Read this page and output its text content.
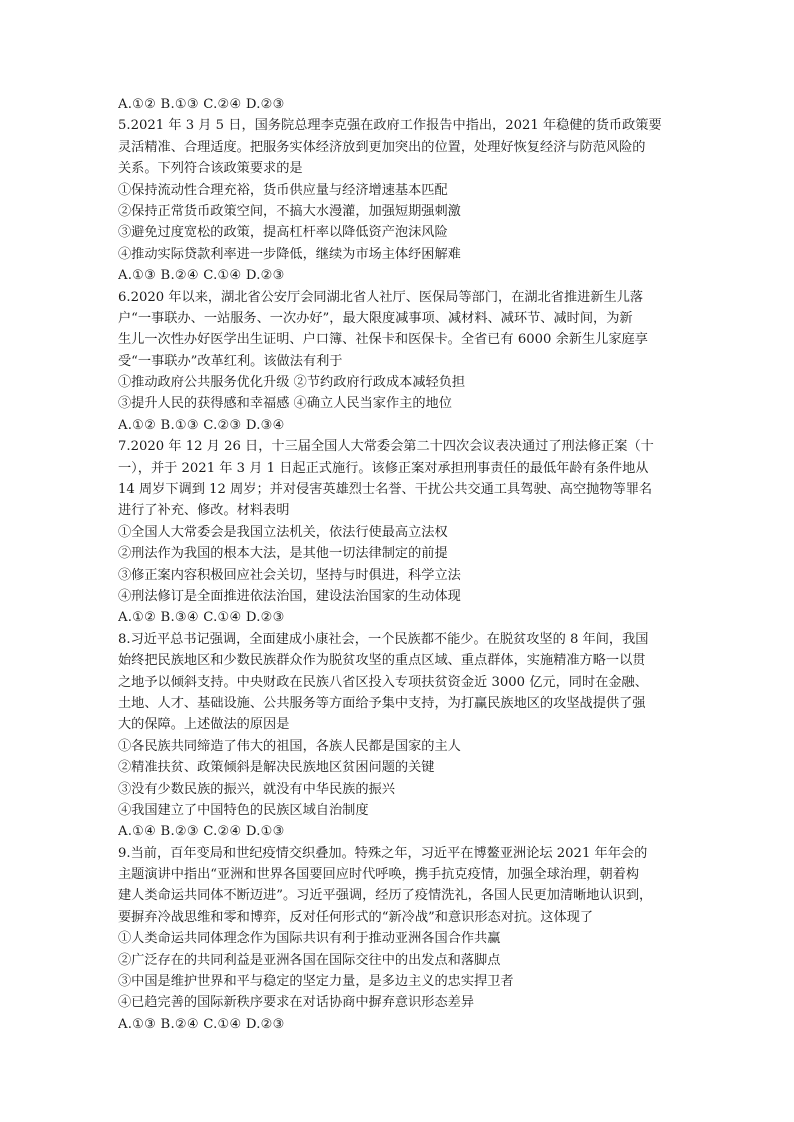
A.①② B.①③ C.②④ D.②③
5.2021 年 3 月 5 日，国务院总理李克强在政府工作报告中指出，2021 年稳健的货币政策要
灵活精准、合理适度。把服务实体经济放到更加突出的位置，处理好恢复经济与防范风险的
关系。下列符合该政策要求的是
①保持流动性合理充裕，货币供应量与经济增速基本匹配
②保持正常货币政策空间，不搞大水漫灌，加强短期强刺激
③避免过度宽松的政策，提高杠杆率以降低资产泡沫风险
④推动实际贷款利率进一步降低，继续为市场主体纾困解难
A.①③ B.②④ C.①④ D.②③
6.2020 年以来，湖北省公安厅会同湖北省人社厅、医保局等部门，在湖北省推进新生儿落
户“一事联办、一站服务、一次办好”，最大限度减事项、减材料、减环节、减时间，为新
生儿一次性办好医学出生证明、户口簿、社保卡和医保卡。全省已有 6000 余新生儿家庭享
受“一事联办”改革红利。该做法有利于
①推动政府公共服务优化升级 ②节约政府行政成本减轻负担
③提升人民的获得感和幸福感 ④确立人民当家作主的地位
A.①② B.①③ C.②③ D.③④
7.2020 年 12 月 26 日，十三届全国人大常委会第二十四次会议表决通过了刑法修正案（十
一），并于 2021 年 3 月 1 日起正式施行。该修正案对承担刑事责任的最低年龄有条件地从
14 周岁下调到 12 周岁；并对侵害英雄烈士名誉、干扰公共交通工具驾驶、高空抛物等罪名
进行了补充、修改。材料表明
①全国人大常委会是我国立法机关，依法行使最高立法权
②刑法作为我国的根本大法，是其他一切法律制定的前提
③修正案内容积极回应社会关切，坚持与时俱进，科学立法
④刑法修订是全面推进依法治国，建设法治国家的生动体现
A.①② B.③④ C.①④ D.②③
8.习近平总书记强调，全面建成小康社会，一个民族都不能少。在脱贫攻坚的 8 年间，我国
始终把民族地区和少数民族群众作为脱贫攻坚的重点区域、重点群体，实施精准方略一以贯
之地予以倾斜支持。中央财政在民族八省区投入专项扶贫资金近 3000 亿元，同时在金融、
土地、人才、基础设施、公共服务等方面给予集中支持，为打赢民族地区的攻坚战提供了强
大的保障。上述做法的原因是
①各民族共同缔造了伟大的祖国，各族人民都是国家的主人
②精准扶贫、政策倾斜是解决民族地区贫困问题的关键
③没有少数民族的振兴，就没有中华民族的振兴
④我国建立了中国特色的民族区域自治制度
A.①④ B.②③ C.②④ D.①③
9.当前，百年变局和世纪疫情交织叠加。特殊之年，习近平在博鳌亚洲论坛 2021 年年会的
主题演讲中指出“亚洲和世界各国要回应时代呼唤，携手抗克疫情，加强全球治理，朝着构
建人类命运共同体不断迈进”。习近平强调，经历了疫情洗礼，各国人民更加清晰地认识到，
要摒弃冷战思维和零和博弈，反对任何形式的“新冷战”和意识形态对抗。这体现了
①人类命运共同体理念作为国际共识有利于推动亚洲各国合作共赢
②广泛存在的共同利益是亚洲各国在国际交往中的出发点和落脚点
③中国是维护世界和平与稳定的坚定力量，是多边主义的忠实捍卫者
④已趋完善的国际新秩序要求在对话协商中摒弃意识形态差异
A.①③ B.②④ C.①④ D.②③
